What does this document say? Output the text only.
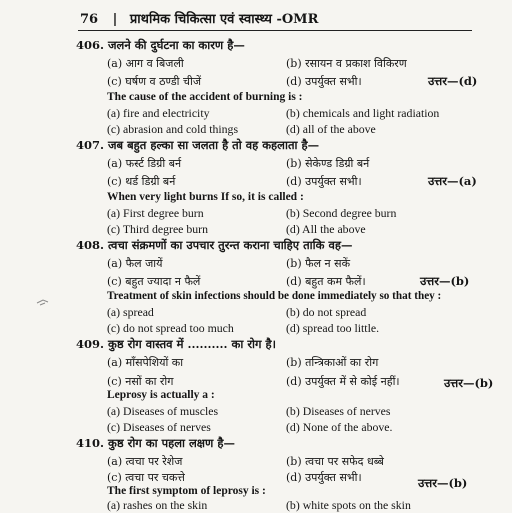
76 | प्राथमिक चिकित्सा एवं स्वास्थ्य -OMR
406. जलने की दुर्घटना का कारण है—
(a) आग व बिजली	(b) रसायन व प्रकाश विकिरण
(c) घर्षण व ठण्डी चीजें	(d) उपर्युक्त सभी।	उत्तर—(d)
The cause of the accident of burning is :
(a) fire and electricity	(b) chemicals and light radiation
(c) abrasion and cold things	(d) all of the above
407. जब बहुत हल्का सा जलता है तो वह कहलाता है—
(a) फर्स्ट डिग्री बर्न	(b) सेकेण्ड डिग्री बर्न
(c) थर्ड डिग्री बर्न	(d) उपर्युक्त सभी।	उत्तर—(a)
When very light burns If so, it is called :
(a) First degree burn	(b) Second degree burn
(c) Third degree burn	(d) All the above
408. त्वचा संक्रमणों का उपचार तुरन्त कराना चाहिए ताकि वह—
(a) फैल जायें	(b) फैल न सकें
(c) बहुत ज्यादा न फैलें	(d) बहुत कम फैलें।	उत्तर—(b)
Treatment of skin infections should be done immediately so that they :
(a) spread	(b) do not spread
(c) do not spread too much	(d) spread too little.
409. कुष्ठ रोग वास्तव में .......... का रोग है।
(a) माँसपेशियों का	(b) तन्त्रिकाओं का रोग
(c) नसों का रोग	(d) उपर्युक्त में से कोई नहीं।	उत्तर—(b)
Leprosy is actually a :
(a) Diseases of muscles	(b) Diseases of nerves
(c) Diseases of nerves	(d) None of the above.
410. कुष्ठ रोग का पहला लक्षण है—
(a) त्वचा पर रेशेज	(b) त्वचा पर सफेद धब्बे
(c) त्वचा पर चकत्ते	(d) उपर्युक्त सभी।	उत्तर—(b)
The first symptom of leprosy is :
(a) rashes on the skin	(b) white spots on the skin
